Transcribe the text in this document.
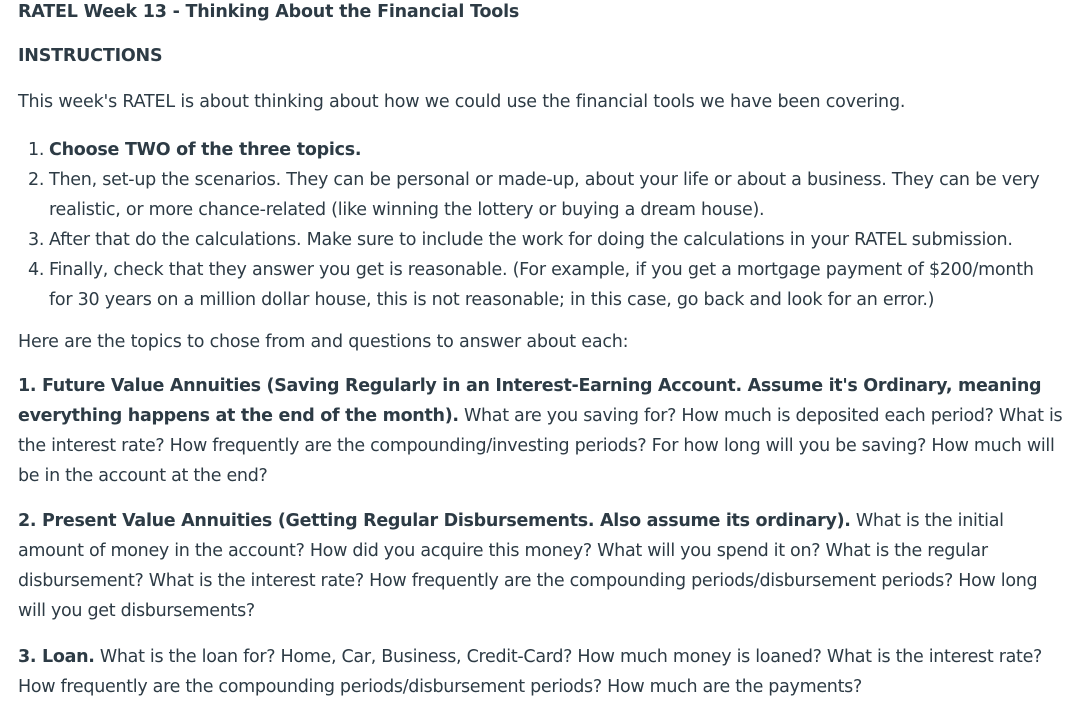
RATEL Week 13 - Thinking About the Financial Tools
INSTRUCTIONS
This week's RATEL is about thinking about how we could use the financial tools we have been covering.
1. Choose TWO of the three topics.
2. Then, set-up the scenarios. They can be personal or made-up, about your life or about a business. They can be very realistic, or more chance-related (like winning the lottery or buying a dream house).
3. After that do the calculations. Make sure to include the work for doing the calculations in your RATEL submission.
4. Finally, check that they answer you get is reasonable. (For example, if you get a mortgage payment of $200/month for 30 years on a million dollar house, this is not reasonable; in this case, go back and look for an error.)
Here are the topics to chose from and questions to answer about each:
1. Future Value Annuities (Saving Regularly in an Interest-Earning Account. Assume it's Ordinary, meaning everything happens at the end of the month). What are you saving for? How much is deposited each period? What is the interest rate? How frequently are the compounding/investing periods? For how long will you be saving? How much will be in the account at the end?
2. Present Value Annuities (Getting Regular Disbursements. Also assume its ordinary). What is the initial amount of money in the account? How did you acquire this money? What will you spend it on? What is the regular disbursement? What is the interest rate? How frequently are the compounding periods/disbursement periods? How long will you get disbursements?
3. Loan. What is the loan for? Home, Car, Business, Credit-Card? How much money is loaned? What is the interest rate? How frequently are the compounding periods/disbursement periods? How much are the payments?
